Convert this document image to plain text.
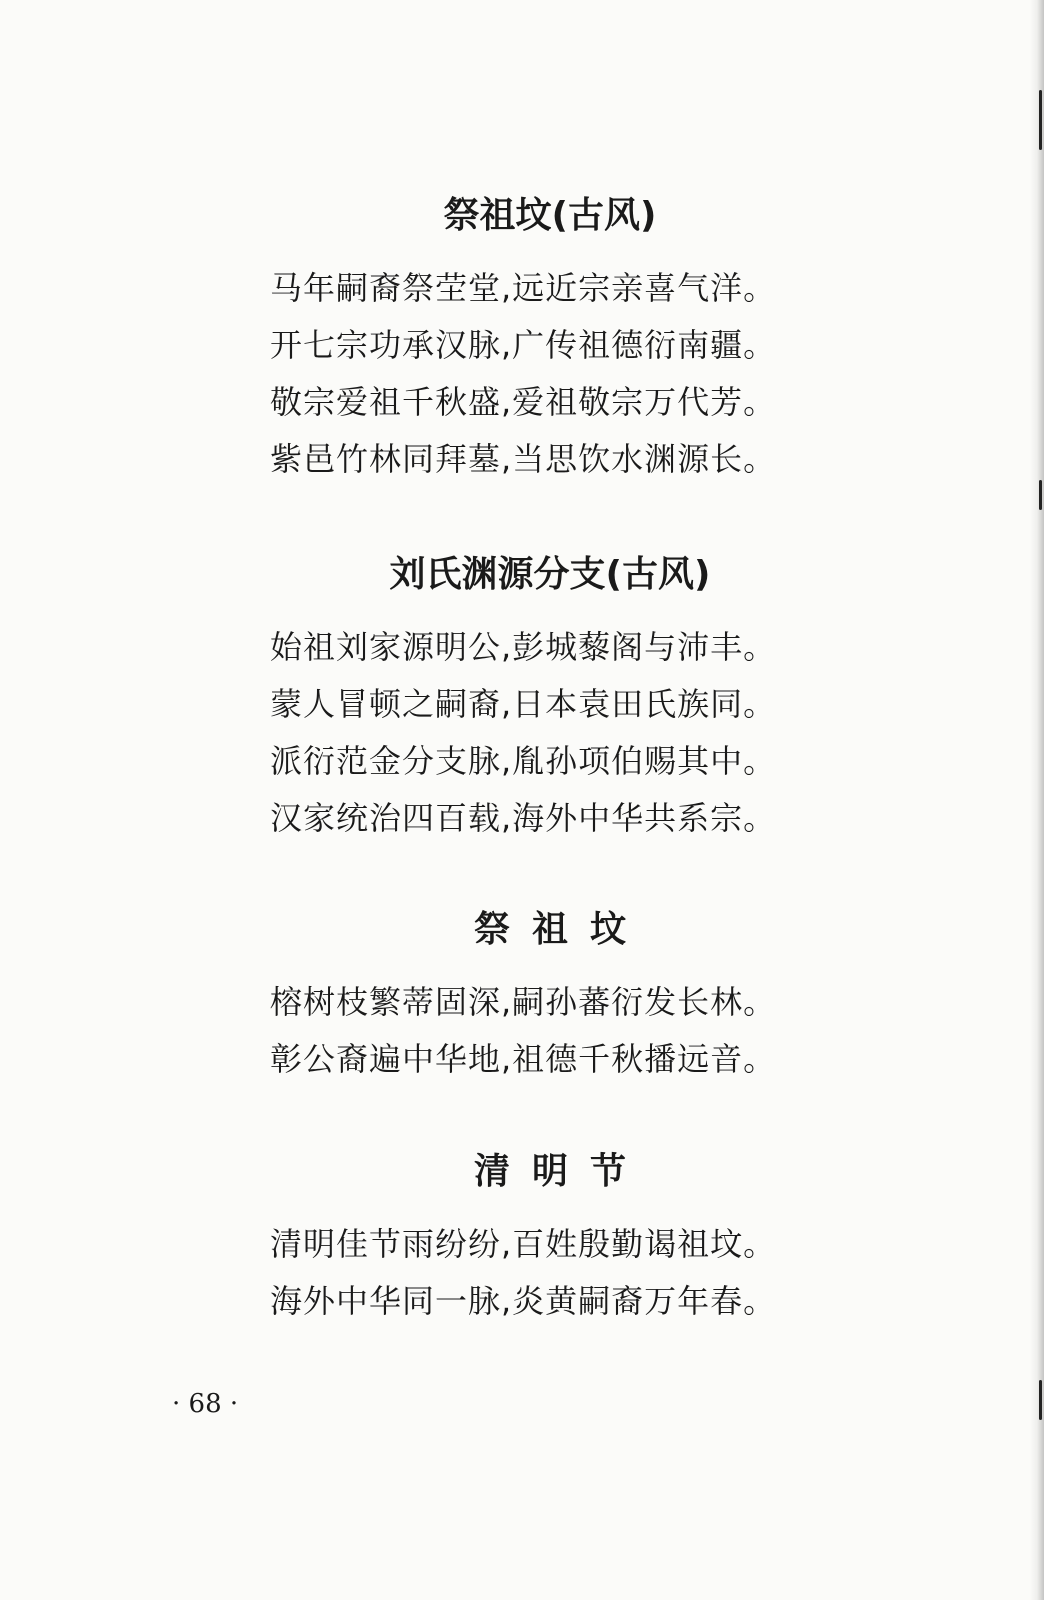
祭祖坟(古风)
马年嗣裔祭茔堂,远近宗亲喜气洋。
开七宗功承汉脉,广传祖德衍南疆。
敬宗爱祖千秋盛,爱祖敬宗万代芳。
紫邑竹林同拜墓,当思饮水渊源长。
刘氏渊源分支(古风)
始祖刘家源明公,彭城藜阁与沛丰。
蒙人冒顿之嗣裔,日本袁田氏族同。
派衍范金分支脉,胤孙项伯赐其中。
汉家统治四百载,海外中华共系宗。
祭祖坟
榕树枝繁蒂固深,嗣孙蕃衍发长林。
彰公裔遍中华地,祖德千秋播远音。
清明节
清明佳节雨纷纷,百姓殷勤谒祖坟。
海外中华同一脉,炎黄嗣裔万年春。
· 68 ·
